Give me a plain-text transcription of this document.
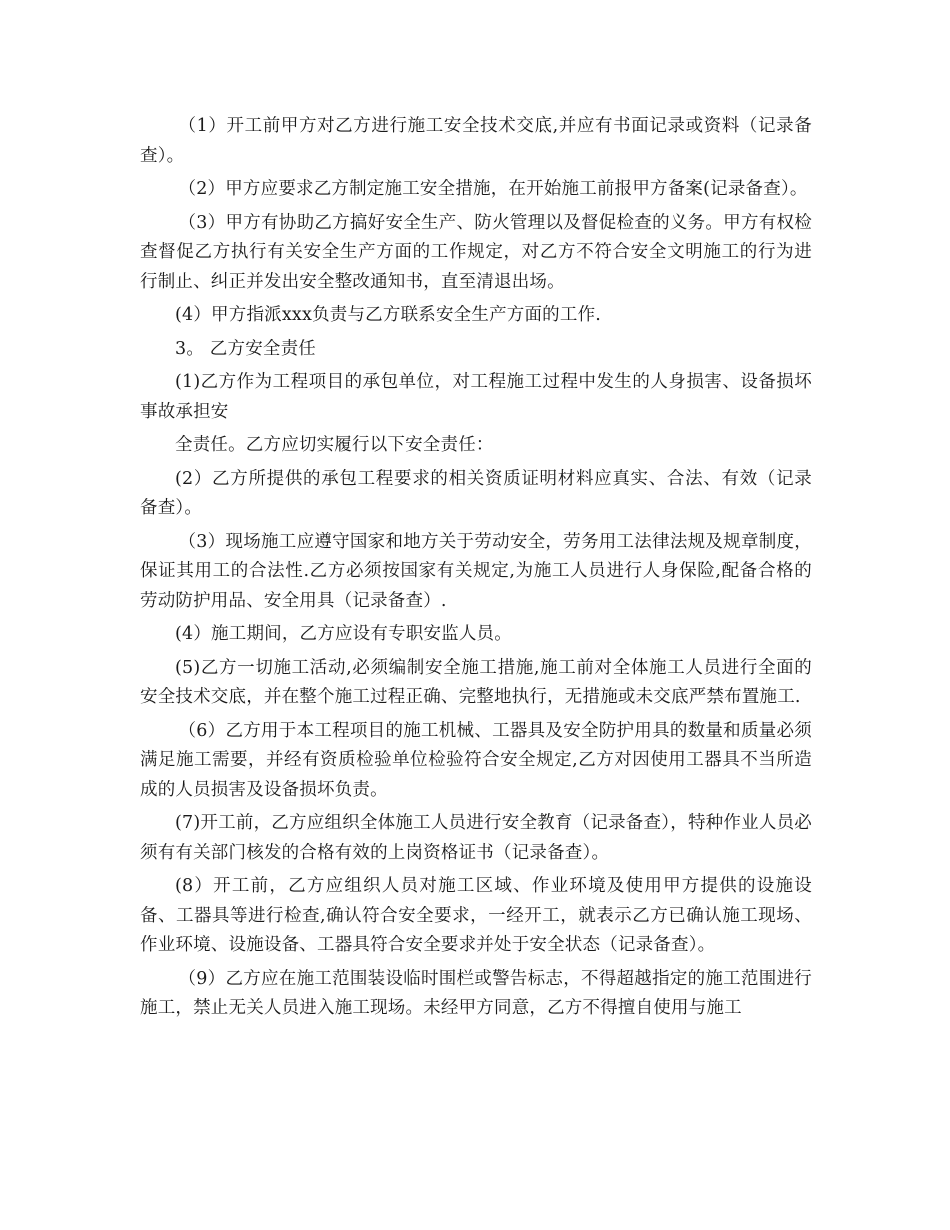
（1）开工前甲方对乙方进行施工安全技术交底,并应有书面记录或资料（记录备查）。

（2）甲方应要求乙方制定施工安全措施，在开始施工前报甲方备案(记录备查）。

（3）甲方有协助乙方搞好安全生产、防火管理以及督促检查的义务。甲方有权检查督促乙方执行有关安全生产方面的工作规定，对乙方不符合安全文明施工的行为进行制止、纠正并发出安全整改通知书，直至清退出场。

(4）甲方指派xxx负责与乙方联系安全生产方面的工作.

3。 乙方安全责任

(1)乙方作为工程项目的承包单位，对工程施工过程中发生的人身损害、设备损坏事故承担安

全责任。乙方应切实履行以下安全责任：

(2）乙方所提供的承包工程要求的相关资质证明材料应真实、合法、有效（记录备查）。

（3）现场施工应遵守国家和地方关于劳动安全，劳务用工法律法规及规章制度，保证其用工的合法性.乙方必须按国家有关规定,为施工人员进行人身保险,配备合格的劳动防护用品、安全用具（记录备查）.

(4）施工期间，乙方应设有专职安监人员。

(5)乙方一切施工活动,必须编制安全施工措施,施工前对全体施工人员进行全面的安全技术交底，并在整个施工过程正确、完整地执行，无措施或未交底严禁布置施工.

（6）乙方用于本工程项目的施工机械、工器具及安全防护用具的数量和质量必须满足施工需要，并经有资质检验单位检验符合安全规定,乙方对因使用工器具不当所造成的人员损害及设备损坏负责。

(7)开工前，乙方应组织全体施工人员进行安全教育（记录备查），特种作业人员必须有有关部门核发的合格有效的上岗资格证书（记录备查）。

(8）开工前，乙方应组织人员对施工区域、作业环境及使用甲方提供的设施设备、工器具等进行检查,确认符合安全要求，一经开工，就表示乙方已确认施工现场、作业环境、设施设备、工器具符合安全要求并处于安全状态（记录备查）。

（9）乙方应在施工范围装设临时围栏或警告标志，不得超越指定的施工范围进行施工，禁止无关人员进入施工现场。未经甲方同意，乙方不得擅自使用与施工
